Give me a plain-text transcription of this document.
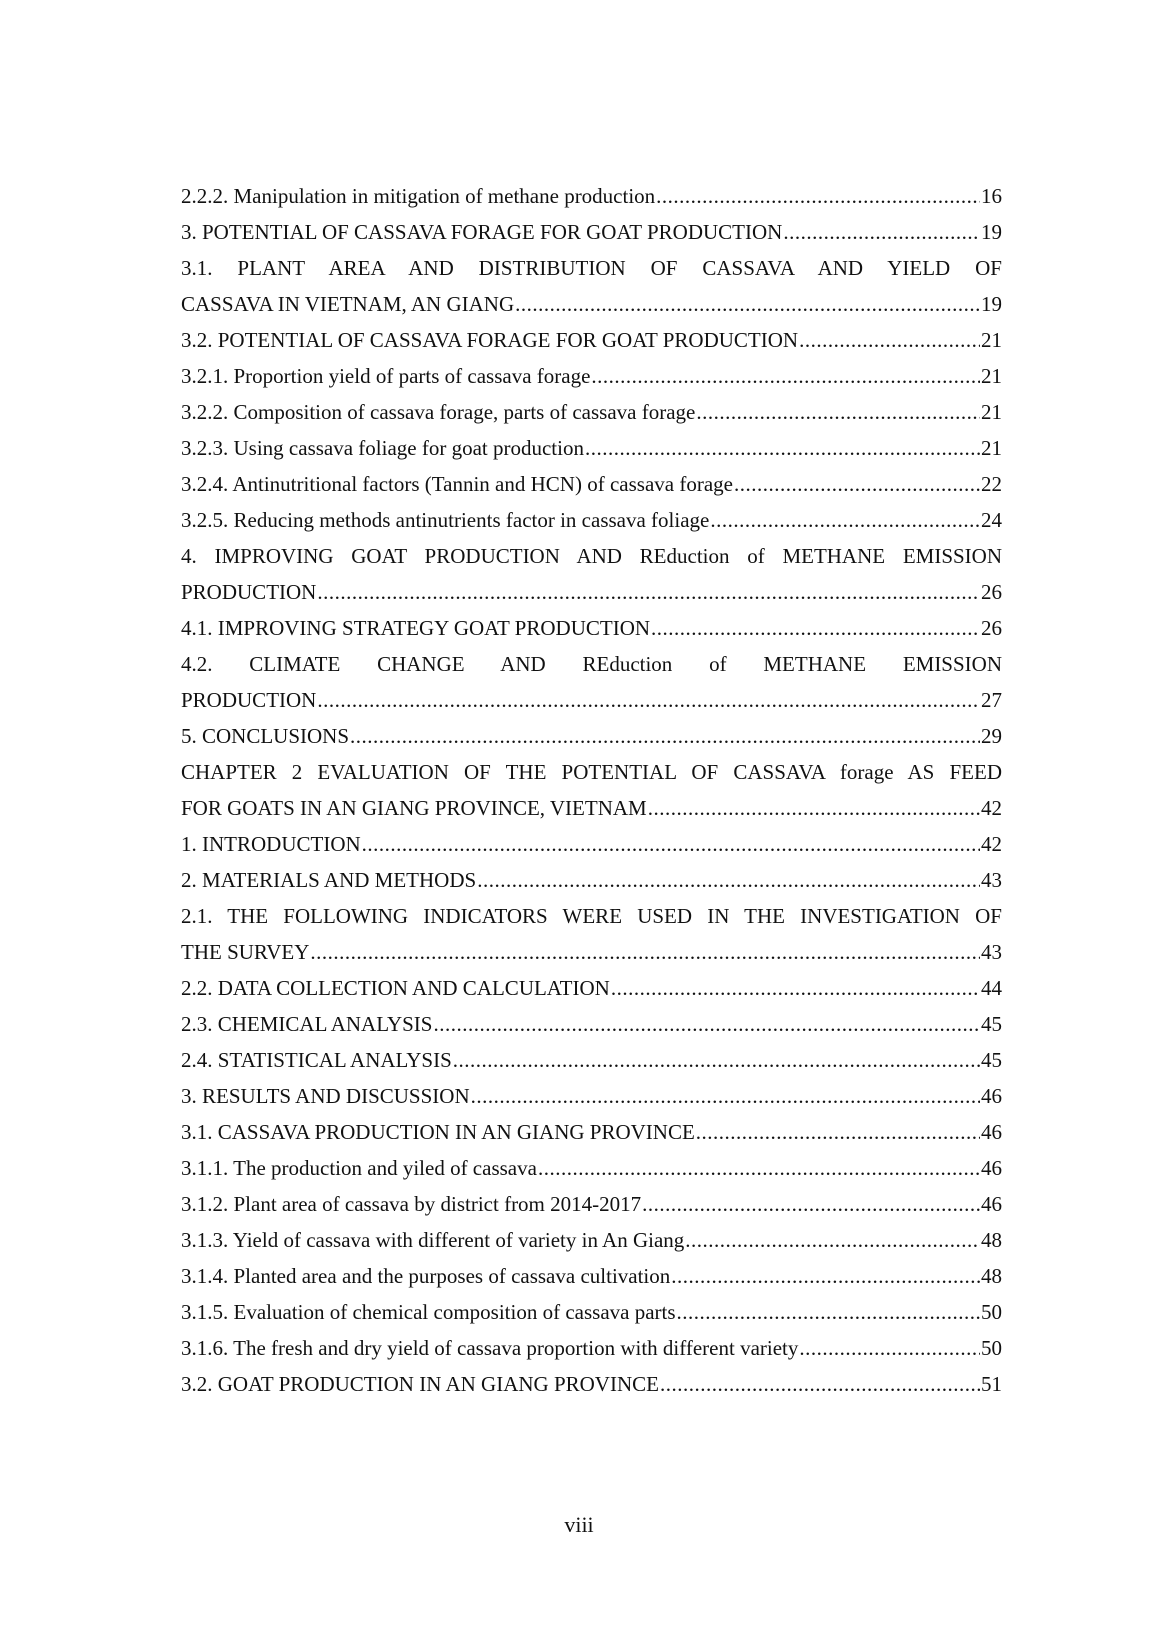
2.2.2. Manipulation in mitigation of methane production .....	16
3. POTENTIAL OF CASSAVA FORAGE FOR GOAT PRODUCTION .....	19
3.1. PLANT AREA AND DISTRIBUTION OF CASSAVA AND YIELD OF
CASSAVA IN VIETNAM, AN GIANG .....	19
3.2. POTENTIAL OF CASSAVA FORAGE FOR GOAT PRODUCTION .....	21
3.2.1. Proportion yield of parts of cassava forage .....	21
3.2.2. Composition of cassava forage, parts of cassava forage .....	21
3.2.3. Using cassava foliage for goat production .....	21
3.2.4. Antinutritional factors (Tannin and HCN) of cassava forage .....	22
3.2.5. Reducing methods antinutrients factor in cassava foliage .....	24
4. IMPROVING GOAT PRODUCTION AND REduction of METHANE EMISSION
PRODUCTION .....	26
4.1. IMPROVING STRATEGY GOAT PRODUCTION .....	26
4.2. CLIMATE CHANGE AND REduction of METHANE EMISSION
PRODUCTION .....	27
5. CONCLUSIONS .....	29
CHAPTER 2 EVALUATION OF THE POTENTIAL OF CASSAVA forage AS FEED
FOR GOATS IN AN GIANG PROVINCE, VIETNAM .....	42
1. INTRODUCTION .....	42
2. MATERIALS AND METHODS .....	43
2.1. THE FOLLOWING INDICATORS WERE USED IN THE INVESTIGATION OF
THE SURVEY .....	43
2.2. DATA COLLECTION AND CALCULATION .....	44
2.3. CHEMICAL ANALYSIS .....	45
2.4. STATISTICAL ANALYSIS .....	45
3. RESULTS AND DISCUSSION .....	46
3.1. CASSAVA PRODUCTION IN AN GIANG PROVINCE .....	46
3.1.1. The production and yiled of cassava .....	46
3.1.2. Plant area of cassava by district from 2014-2017 .....	46
3.1.3. Yield of cassava with different of variety in An Giang .....	48
3.1.4. Planted area and the purposes of cassava cultivation .....	48
3.1.5. Evaluation of chemical composition of cassava parts .....	50
3.1.6. The fresh and dry yield of cassava proportion with different variety .....	50
3.2. GOAT PRODUCTION IN AN GIANG PROVINCE .....	51
viii
